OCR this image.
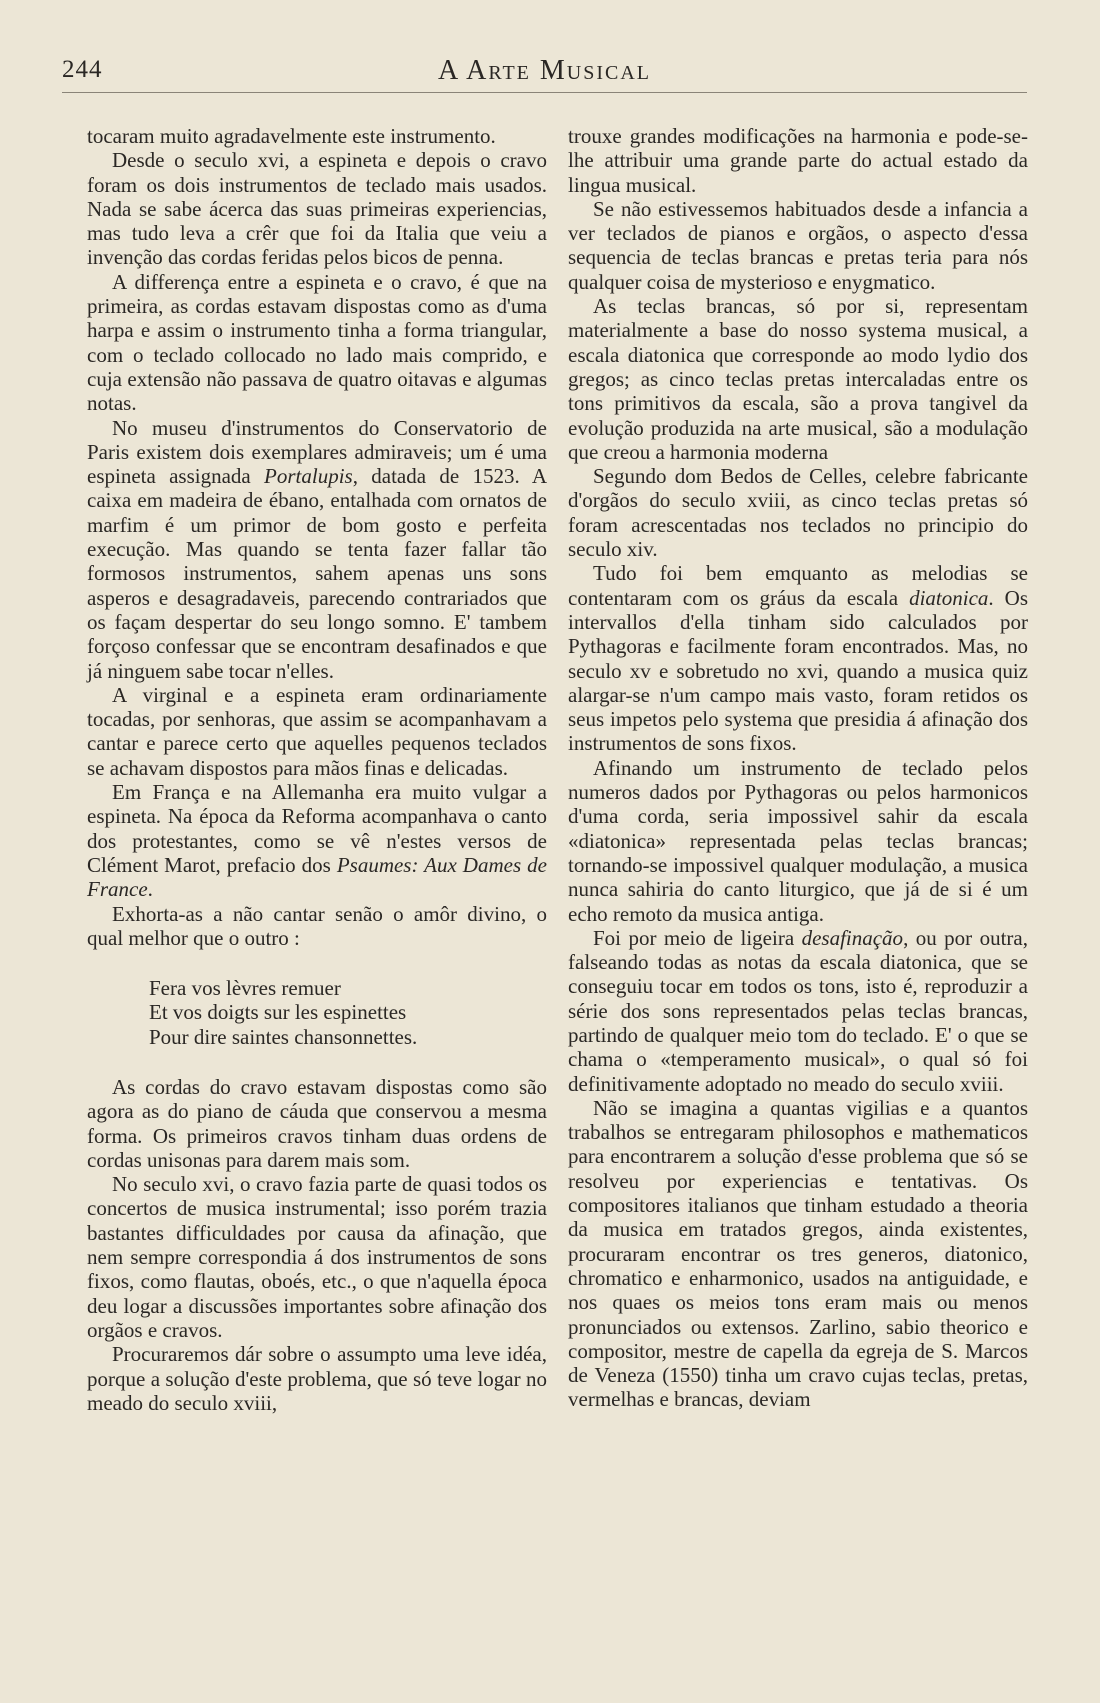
244	A Arte Musical

tocaram muito agradavelmente este instrumento.

Desde o seculo xvi, a espineta e depois o cravo foram os dois instrumentos de teclado mais usados. Nada se sabe ácerca das suas primeiras experiencias, mas tudo leva a crêr que foi da Italia que veiu a invenção das cordas feridas pelos bicos de penna.

A differença entre a espineta e o cravo, é que na primeira, as cordas estavam dispostas como as d'uma harpa e assim o instrumento tinha a forma triangular, com o teclado collocado no lado mais comprido, e cuja extensão não passava de quatro oitavas e algumas notas.

No museu d'instrumentos do Conservatorio de Paris existem dois exemplares admiraveis; um é uma espineta assignada Portalupis, datada de 1523. A caixa em madeira de ébano, entalhada com ornatos de marfim é um primor de bom gosto e perfeita execução. Mas quando se tenta fazer fallar tão formosos instrumentos, sahem apenas uns sons asperos e desagradaveis, parecendo contrariados que os façam despertar do seu longo somno. E' tambem forçoso confessar que se encontram desafinados e que já ninguem sabe tocar n'elles.

A virginal e a espineta eram ordinariamente tocadas, por senhoras, que assim se acompanhavam a cantar e parece certo que aquelles pequenos teclados se achavam dispostos para mãos finas e delicadas.

Em França e na Allemanha era muito vulgar a espineta. Na época da Reforma acompanhava o canto dos protestantes, como se vê n'estes versos de Clément Marot, prefacio dos Psaumes: Aux Dames de France.

Exhorta-as a não cantar senão o amôr divino, o qual melhor que o outro :

Fera vos lèvres remuer
Et vos doigts sur les espinettes
Pour dire saintes chansonnettes.

As cordas do cravo estavam dispostas como são agora as do piano de cáuda que conservou a mesma forma. Os primeiros cravos tinham duas ordens de cordas unisonas para darem mais som.

No seculo xvi, o cravo fazia parte de quasi todos os concertos de musica instrumental; isso porém trazia bastantes difficuldades por causa da afinação, que nem sempre correspondia á dos instrumentos de sons fixos, como flautas, oboés, etc., o que n'aquella época deu logar a discussões importantes sobre afinação dos orgãos e cravos.

Procuraremos dár sobre o assumpto uma leve idéa, porque a solução d'este problema, que só teve logar no meado do seculo xviii,

trouxe grandes modificações na harmonia e pode-se-lhe attribuir uma grande parte do actual estado da lingua musical.

Se não estivessemos habituados desde a infancia a ver teclados de pianos e orgãos, o aspecto d'essa sequencia de teclas brancas e pretas teria para nós qualquer coisa de mysterioso e enygmatico.

As teclas brancas, só por si, representam materialmente a base do nosso systema musical, a escala diatonica que corresponde ao modo lydio dos gregos; as cinco teclas pretas intercaladas entre os tons primitivos da escala, são a prova tangivel da evolução produzida na arte musical, são a modulação que creou a harmonia moderna

Segundo dom Bedos de Celles, celebre fabricante d'orgãos do seculo xviii, as cinco teclas pretas só foram acrescentadas nos teclados no principio do seculo xiv.

Tudo foi bem emquanto as melodias se contentaram com os gráus da escala diatonica. Os intervallos d'ella tinham sido calculados por Pythagoras e facilmente foram encontrados. Mas, no seculo xv e sobretudo no xvi, quando a musica quiz alargar-se n'um campo mais vasto, foram retidos os seus impetos pelo systema que presidia á afinação dos instrumentos de sons fixos.

Afinando um instrumento de teclado pelos numeros dados por Pythagoras ou pelos harmonicos d'uma corda, seria impossivel sahir da escala «diatonica» representada pelas teclas brancas; tornando-se impossivel qualquer modulação, a musica nunca sahiria do canto liturgico, que já de si é um echo remoto da musica antiga.

Foi por meio de ligeira desafinação, ou por outra, falseando todas as notas da escala diatonica, que se conseguiu tocar em todos os tons, isto é, reproduzir a série dos sons representados pelas teclas brancas, partindo de qualquer meio tom do teclado. E' o que se chama o «temperamento musical», o qual só foi definitivamente adoptado no meado do seculo xviii.

Não se imagina a quantas vigilias e a quantos trabalhos se entregaram philosophos e mathematicos para encontrarem a solução d'esse problema que só se resolveu por experiencias e tentativas. Os compositores italianos que tinham estudado a theoria da musica em tratados gregos, ainda existentes, procuraram encontrar os tres generos, diatonico, chromatico e enharmonico, usados na antiguidade, e nos quaes os meios tons eram mais ou menos pronunciados ou extensos. Zarlino, sabio theorico e compositor, mestre de capella da egreja de S. Marcos de Veneza (1550) tinha um cravo cujas teclas, pretas, vermelhas e brancas, deviam
